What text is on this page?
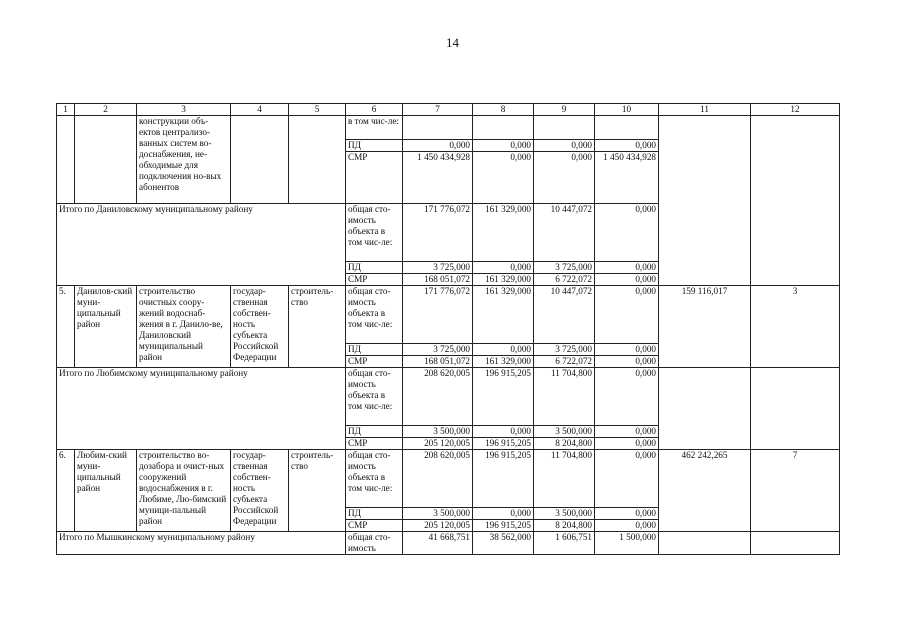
14
1	2	3	4	5	6	7	8	9	10	11	12
		конструкции объ-ектов централизо-ванных систем во-доснабжения, не-обходимые для подключения но-вых абонентов			в том чис-ле:						
					ПД	0,000	0,000	0,000	0,000		
					СМР	1 450 434,928	0,000	0,000	1 450 434,928		
Итого по Даниловскому муниципальному району					общая сто-имость объекта в том чис-ле:	171 776,072	161 329,000	10 447,072	0,000		
					ПД	3 725,000	0,000	3 725,000	0,000		
					СМР	168 051,072	161 329,000	6 722,072	0,000		
5.	Данилов-ский муни-ципальный район	строительство очистных соору-жений водоснаб-жения в г. Данило-ве, Даниловский муниципальный район	государ-ственная собствен-ность субъекта Российской Федерации	строитель-ство	общая сто-имость объекта в том чис-ле:	171 776,072	161 329,000	10 447,072	0,000	159 116,017	3
					ПД	3 725,000	0,000	3 725,000	0,000		
					СМР	168 051,072	161 329,000	6 722,072	0,000		
Итого по Любимскому муниципальному району					общая сто-имость объекта в том чис-ле:	208 620,005	196 915,205	11 704,800	0,000		
					ПД	3 500,000	0,000	3 500,000	0,000		
					СМР	205 120,005	196 915,205	8 204,800	0,000		
6.	Любим-ский муни-ципальный район	строительство во-дозабора и очист-ных сооружений водоснабжения в г. Любиме, Лю-бимский муници-пальный район	государ-ственная собствен-ность субъекта Российской Федерации	строитель-ство	общая сто-имость объекта в том чис-ле:	208 620,005	196 915,205	11 704,800	0,000	462 242,265	7
					ПД	3 500,000	0,000	3 500,000	0,000		
					СМР	205 120,005	196 915,205	8 204,800	0,000		
Итого по Мышкинскому муниципальному району					общая сто-имость	41 668,751	38 562,000	1 606,751	1 500,000		
